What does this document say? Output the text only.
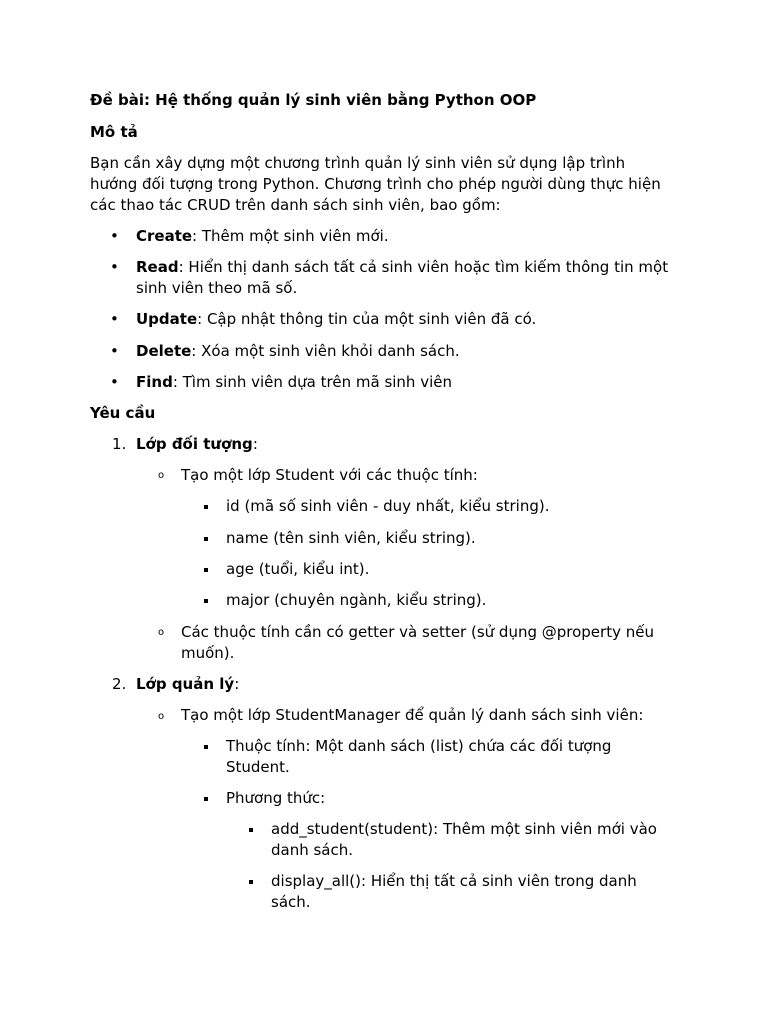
Đề bài: Hệ thống quản lý sinh viên bằng Python OOP

Mô tả

Bạn cần xây dựng một chương trình quản lý sinh viên sử dụng lập trình

hướng đối tượng trong Python. Chương trình cho phép người dùng thực hiện

các thao tác CRUD trên danh sách sinh viên, bao gồm:

• Create: Thêm một sinh viên mới.

• Read: Hiển thị danh sách tất cả sinh viên hoặc tìm kiếm thông tin một

sinh viên theo mã số.

• Update: Cập nhật thông tin của một sinh viên đã có.

• Delete: Xóa một sinh viên khỏi danh sách.

• Find: Tìm sinh viên dựa trên mã sinh viên

Yêu cầu

1. Lớp đối tượng:

o Tạo một lớp Student với các thuộc tính:

id (mã số sinh viên - duy nhất, kiểu string).

name (tên sinh viên, kiểu string).

age (tuổi, kiểu int).

major (chuyên ngành, kiểu string).

o Các thuộc tính cần có getter và setter (sử dụng @property nếu

muốn).

2. Lớp quản lý:

o Tạo một lớp StudentManager để quản lý danh sách sinh viên:

Thuộc tính: Một danh sách (list) chứa các đối tượng

Student.

Phương thức:

add_student(student): Thêm một sinh viên mới vào

danh sách.

display_all(): Hiển thị tất cả sinh viên trong danh

sách.
